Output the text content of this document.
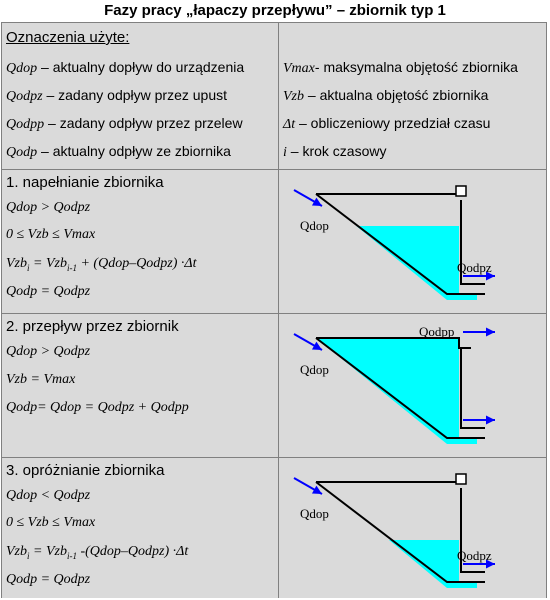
Fazy pracy „łapaczy przepływu” – zbiornik typ 1
Oznaczenia użyte:
Qdop – aktualny dopływ do urządzenia
Qodpz – zadany odpływ przez upust
Qodpp – zadany odpływ przez przelew
Qodp – aktualny odpływ ze zbiornika
Vmax- maksymalna objętość zbiornika
Vzb – aktualna objętość zbiornika
Δt – obliczeniowy przedział czasu
i – krok czasowy
1. napełnianie zbiornika
Qdop > Qodpz
0 ≤ Vzb ≤ Vmax
Vzb$_i$ = Vzb$_{i-1}$ + (Qdop–Qodpz) ·Δt
Qodp = Qodpz
Qdop
Qodpz
2. przepływ przez zbiornik
Qdop > Qodpz
Vzb = Vmax
Qodp= Qdop = Qodpz + Qodpp
Qdop
Qodpp
3. opróżnianie zbiornika
Qdop < Qodpz
0 ≤ Vzb ≤ Vmax
Vzb$_i$ = Vzb$_{i-1}$ -(Qdop–Qodpz) ·Δt
Qodp = Qodpz
Qdop
Qodpz
